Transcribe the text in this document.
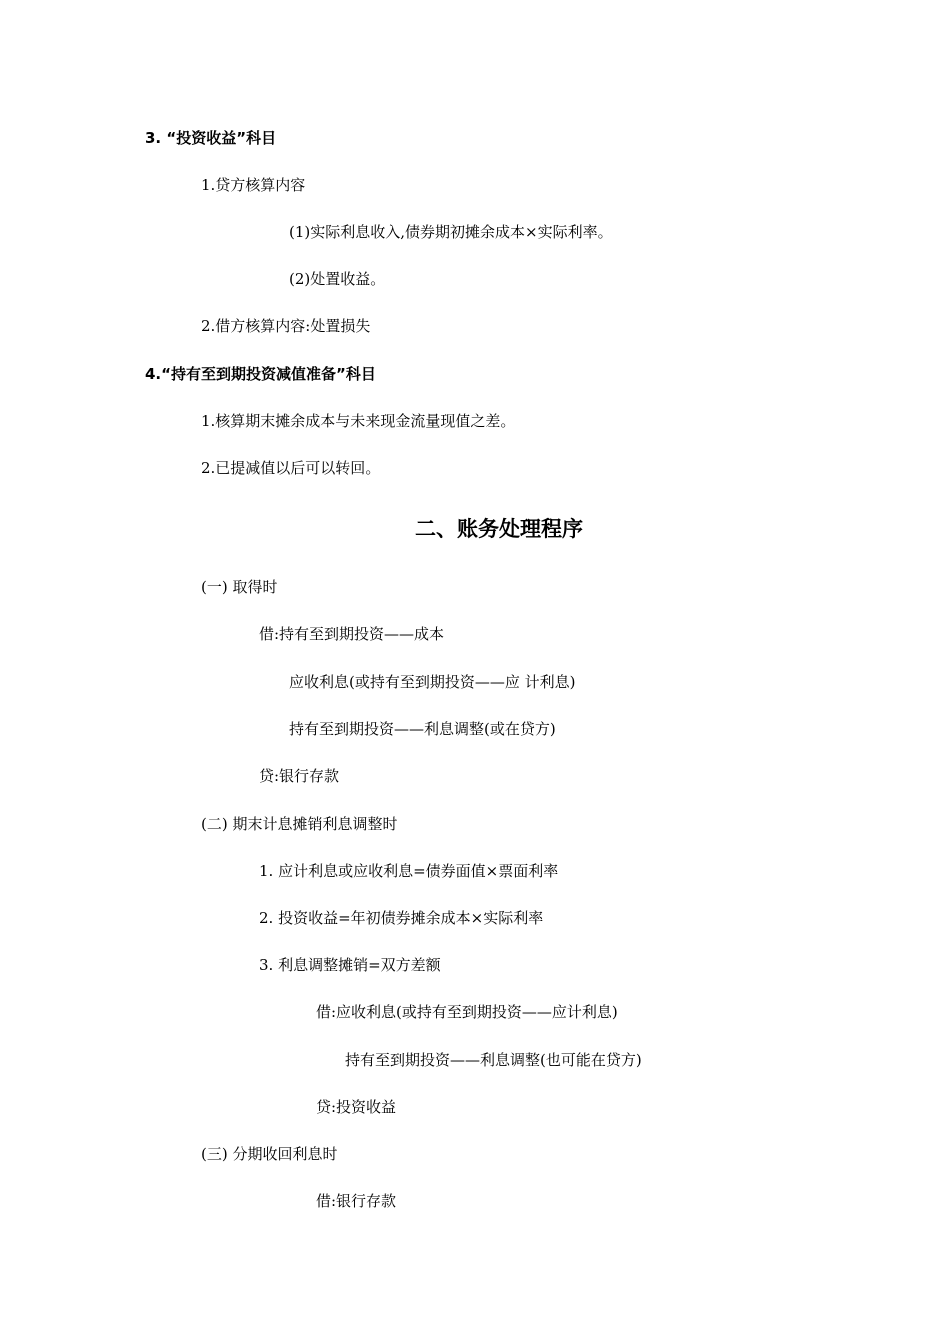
3. “投资收益”科目
1.贷方核算内容
(1)实际利息收入,债券期初摊余成本×实际利率。
(2)处置收益。
2.借方核算内容:处置损失
4.“持有至到期投资减值准备”科目
1.核算期末摊余成本与未来现金流量现值之差。
2.已提减值以后可以转回。
二、账务处理程序
(一) 取得时
借:持有至到期投资——成本
应收利息(或持有至到期投资——应 计利息)
持有至到期投资——利息调整(或在贷方)
贷:银行存款
(二) 期末计息摊销利息调整时
1. 应计利息或应收利息=债券面值×票面利率
2. 投资收益=年初债券摊余成本×实际利率
3. 利息调整摊销=双方差额
借:应收利息(或持有至到期投资——应计利息)
持有至到期投资——利息调整(也可能在贷方)
贷:投资收益
(三) 分期收回利息时
借:银行存款
